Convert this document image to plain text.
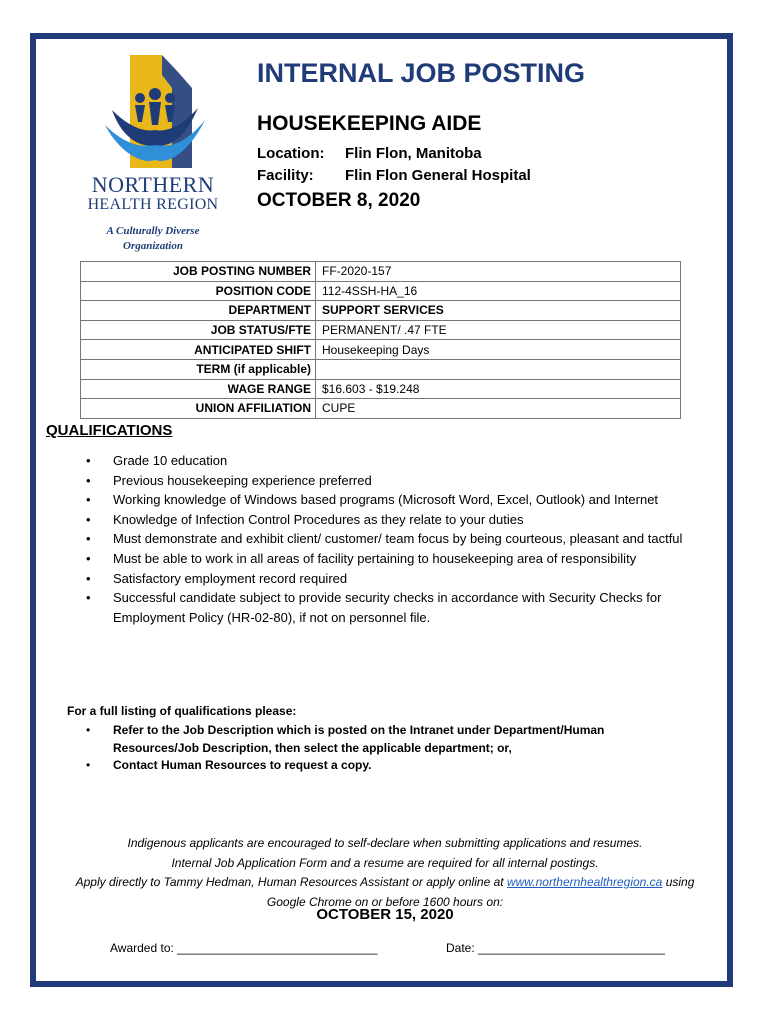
NORTHERN
HEALTH REGION
A Culturally Diverse Organization
INTERNAL JOB POSTING
HOUSEKEEPING AIDE
Location: Flin Flon, Manitoba
Facility: Flin Flon General Hospital
OCTOBER 8, 2020
JOB POSTING NUMBER	FF-2020-157
POSITION CODE	112-4SSH-HA_16
DEPARTMENT	SUPPORT SERVICES
JOB STATUS/FTE	PERMANENT/ .47 FTE
ANTICIPATED SHIFT	Housekeeping Days
TERM (if applicable)	
WAGE RANGE	$16.603 - $19.248
UNION AFFILIATION	CUPE
QUALIFICATIONS
• Grade 10 education
• Previous housekeeping experience preferred
• Working knowledge of Windows based programs (Microsoft Word, Excel, Outlook) and Internet
• Knowledge of Infection Control Procedures as they relate to your duties
• Must demonstrate and exhibit client/ customer/ team focus by being courteous, pleasant and tactful
• Must be able to work in all areas of facility pertaining to housekeeping area of responsibility
• Satisfactory employment record required
• Successful candidate subject to provide security checks in accordance with Security Checks for Employment Policy (HR-02-80), if not on personnel file.
For a full listing of qualifications please:
• Refer to the Job Description which is posted on the Intranet under Department/Human Resources/Job Description, then select the applicable department; or,
• Contact Human Resources to request a copy.
Indigenous applicants are encouraged to self-declare when submitting applications and resumes.
Internal Job Application Form and a resume are required for all internal postings.
Apply directly to Tammy Hedman, Human Resources Assistant or apply online at www.northernhealthregion.ca using
Google Chrome on or before 1600 hours on:
OCTOBER 15, 2020
Awarded to: ______________________________	Date: ____________________________
